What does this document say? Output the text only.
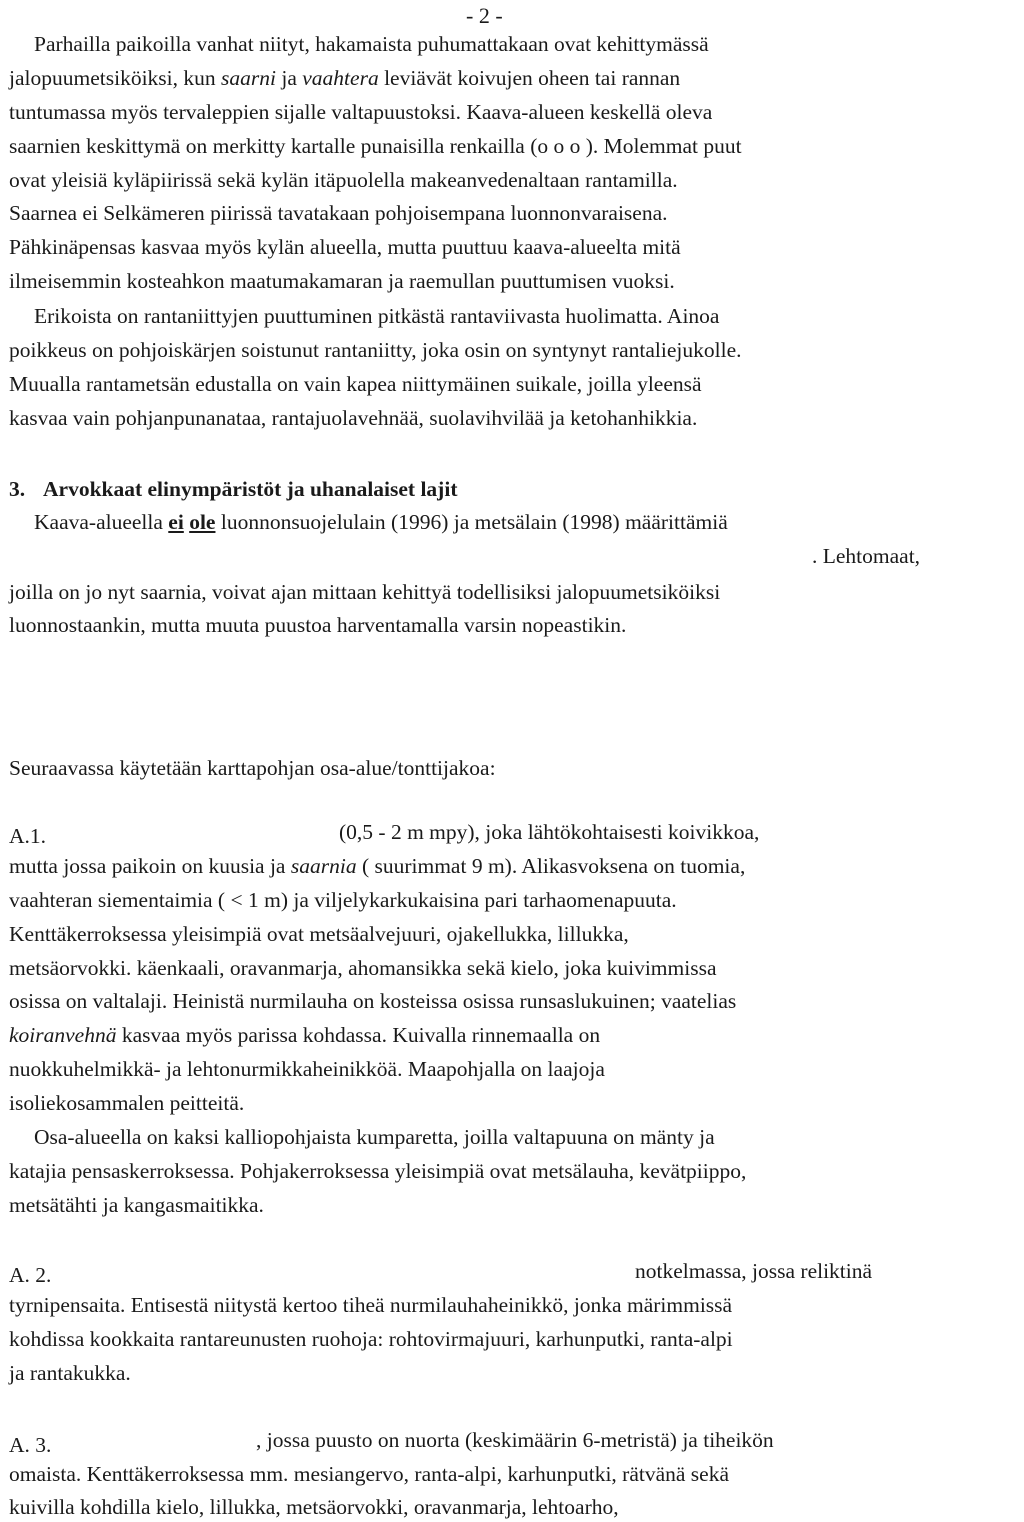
- 2 -
Parhailla paikoilla vanhat niityt, hakamaista puhumattakaan ovat kehittymässä
jalopuumetsiköiksi, kun saarni ja vaahtera leviävät koivujen oheen tai rannan
tuntumassa myös tervaleppien sijalle valtapuustoksi. Kaava-alueen keskellä oleva
saarnien keskittymä on merkitty kartalle punaisilla renkailla (o o o ). Molemmat puut
ovat yleisiä kyläpiirissä sekä kylän itäpuolella makeanvedenaltaan rantamilla.
Saarnea ei Selkämeren piirissä tavatakaan pohjoisempana luonnonvaraisena.
Pähkinäpensas kasvaa myös kylän alueella, mutta puuttuu kaava-alueelta mitä
ilmeisemmin kosteahkon maatumakamaran ja raemullan puuttumisen vuoksi.
Erikoista on rantaniittyjen puuttuminen pitkästä rantaviivasta huolimatta. Ainoa
poikkeus on pohjoiskärjen soistunut rantaniitty, joka osin on syntynyt rantaliejukolle.
Muualla rantametsän edustalla on vain kapea niittymäinen suikale, joilla yleensä
kasvaa vain pohjanpunanataa, rantajuolavehnää, suolavihvilää ja ketohanhikkia.
3. Arvokkaat elinympäristöt ja uhanalaiset lajit
Kaava-alueella ei ole luonnonsuojelulain (1996) ja metsälain (1998) määrittämiä
. Lehtomaat,
joilla on jo nyt saarnia, voivat ajan mittaan kehittyä todellisiksi jalopuumetsiköiksi
luonnostaankin, mutta muuta puustoa harventamalla varsin nopeastikin.
Seuraavassa käytetään karttapohjan osa-alue/tonttijakoa:
A.1.	(0,5 - 2 m mpy), joka lähtökohtaisesti koivikkoa,
mutta jossa paikoin on kuusia ja saarnia ( suurimmat 9 m). Alikasvoksena on tuomia,
vaahteran siementaimia ( < 1 m) ja viljelykarkukaisina pari tarhaomenapuuta.
Kenttäkerroksessa yleisimpiä ovat metsäalvejuuri, ojakellukka, lillukka,
metsäorvokki. käenkaali, oravanmarja, ahomansikka sekä kielo, joka kuivimmissa
osissa on valtalaji. Heinistä nurmilauha on kosteissa osissa runsaslukuinen; vaatelias
koiranvehnä kasvaa myös parissa kohdassa. Kuivalla rinnemaalla on
nuokkuhelmikkä- ja lehtonurmikkaheinikköä. Maapohjalla on laajoja
isoliekosammalen peitteitä.
Osa-alueella on kaksi kalliopohjaista kumparetta, joilla valtapuuna on mänty ja
katajia pensaskerroksessa. Pohjakerroksessa yleisimpiä ovat metsälauha, kevätpiippo,
metsätähti ja kangasmaitikka.
A. 2.	notkelmassa, jossa reliktinä
tyrnipensaita. Entisestä niitystä kertoo tiheä nurmilauhaheinikkö, jonka märimmissä
kohdissa kookkaita rantareunusten ruohoja: rohtovirmajuuri, karhunputki, ranta-alpi
ja rantakukka.
A. 3.	, jossa puusto on nuorta (keskimäärin 6-metristä) ja tiheikön
omaista. Kenttäkerroksessa mm. mesiangervo, ranta-alpi, karhunputki, rätvänä sekä
kuivilla kohdilla kielo, lillukka, metsäorvokki, oravanmarja, lehtoarho,
